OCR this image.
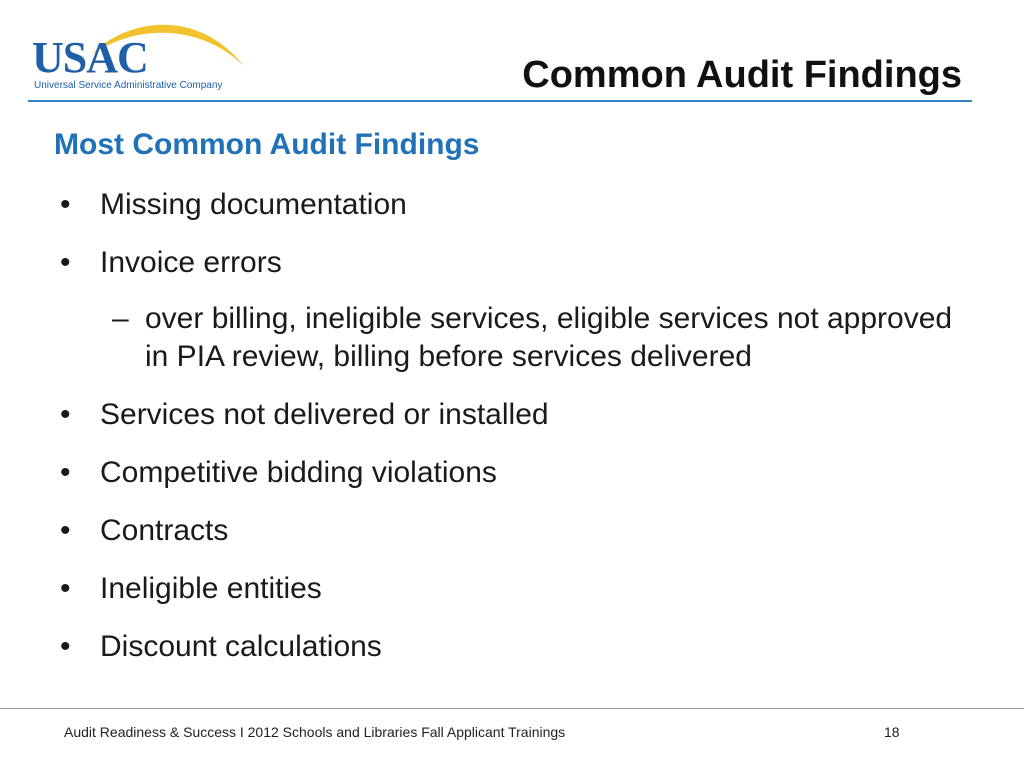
USAC
Universal Service Administrative Company	Common Audit Findings
Most Common Audit Findings
• Missing documentation
• Invoice errors
– over billing, ineligible services, eligible services not approved in PIA review, billing before services delivered
• Services not delivered or installed
• Competitive bidding violations
• Contracts
• Ineligible entities
• Discount calculations
Audit Readiness & Success I 2012 Schools and Libraries Fall Applicant Trainings	18
